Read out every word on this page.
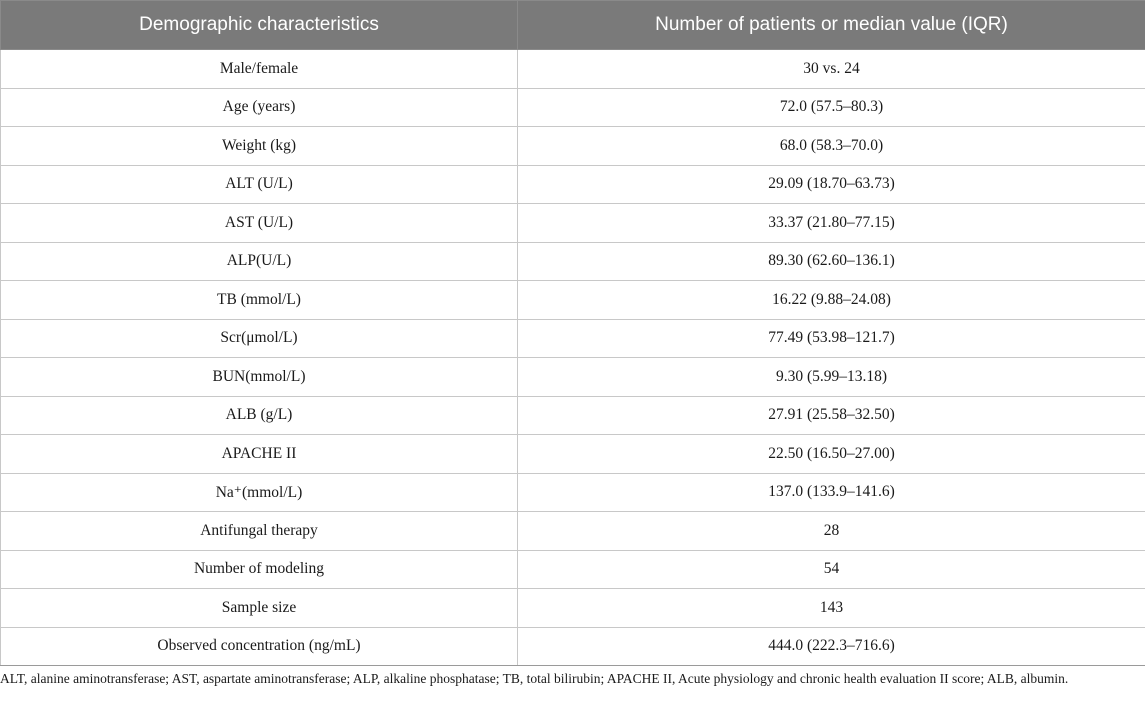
Demographic characteristics	Number of patients or median value (IQR)
Male/female	30 vs. 24
Age (years)	72.0 (57.5–80.3)
Weight (kg)	68.0 (58.3–70.0)
ALT (U/L)	29.09 (18.70–63.73)
AST (U/L)	33.37 (21.80–77.15)
ALP(U/L)	89.30 (62.60–136.1)
TB (mmol/L)	16.22 (9.88–24.08)
Scr(μmol/L)	77.49 (53.98–121.7)
BUN(mmol/L)	9.30 (5.99–13.18)
ALB (g/L)	27.91 (25.58–32.50)
APACHE II	22.50 (16.50–27.00)
Na⁺(mmol/L)	137.0 (133.9–141.6)
Antifungal therapy	28
Number of modeling	54
Sample size	143
Observed concentration (ng/mL)	444.0 (222.3–716.6)
ALT, alanine aminotransferase; AST, aspartate aminotransferase; ALP, alkaline phosphatase; TB, total bilirubin; APACHE II, Acute physiology and chronic health evaluation II score; ALB, albumin.
